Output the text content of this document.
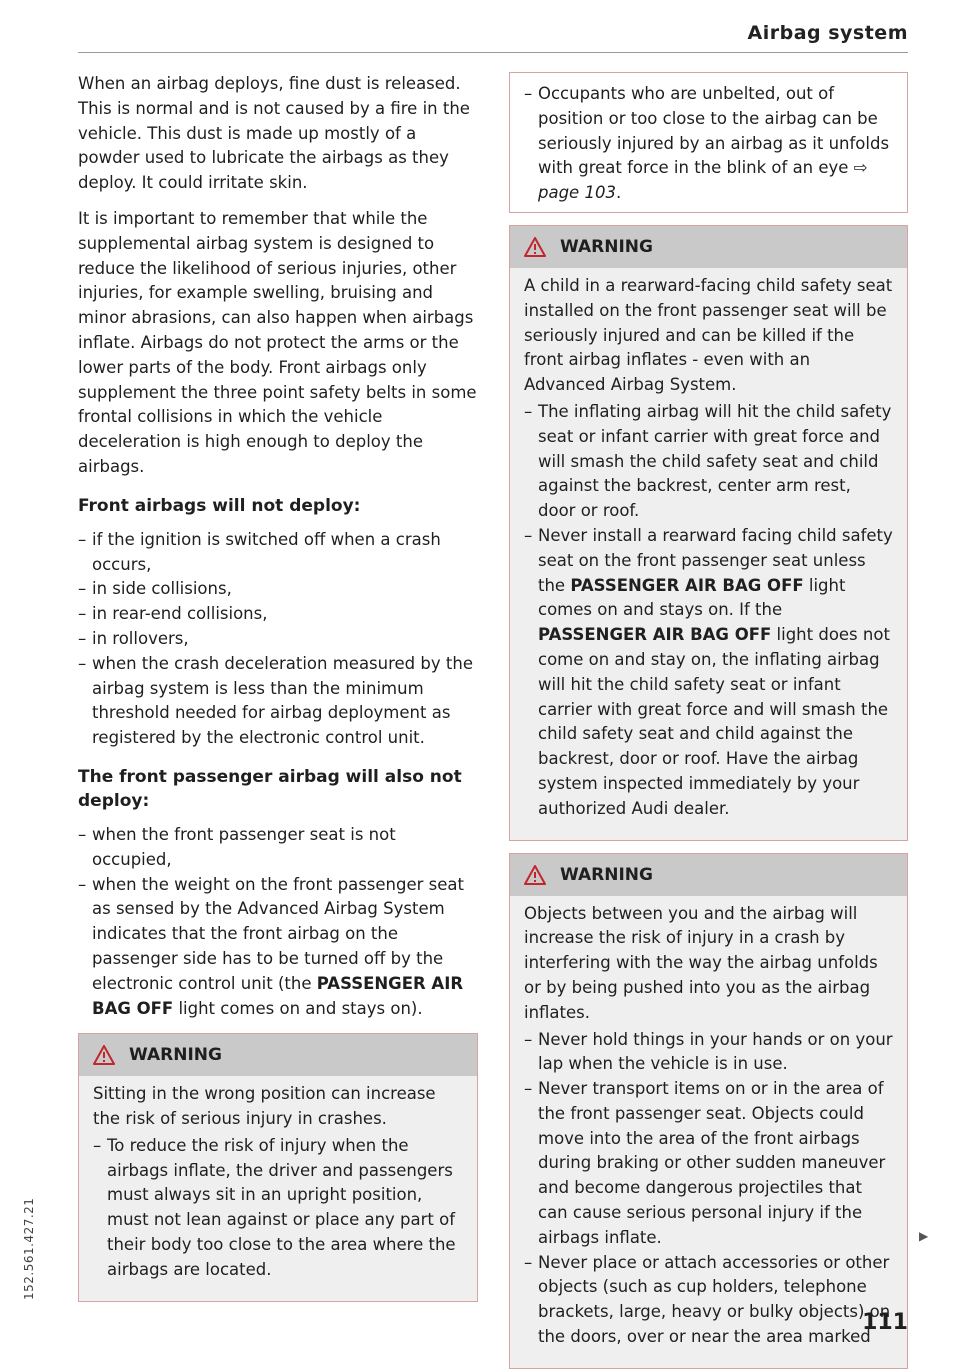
Airbag system

When an airbag deploys, fine dust is released. This is normal and is not caused by a fire in the vehicle. This dust is made up mostly of a powder used to lubricate the airbags as they deploy. It could irritate skin.

It is important to remember that while the supplemental airbag system is designed to reduce the likelihood of serious injuries, other injuries, for example swelling, bruising and minor abrasions, can also happen when airbags inflate. Airbags do not protect the arms or the lower parts of the body. Front airbags only supplement the three point safety belts in some frontal collisions in which the vehicle deceleration is high enough to deploy the airbags.

Front airbags will not deploy:
– if the ignition is switched off when a crash occurs,
– in side collisions,
– in rear-end collisions,
– in rollovers,
– when the crash deceleration measured by the airbag system is less than the minimum threshold needed for airbag deployment as registered by the electronic control unit.
The front passenger airbag will also not deploy:
– when the front passenger seat is not occupied,
– when the weight on the front passenger seat as sensed by the Advanced Airbag System indicates that the front airbag on the passenger side has to be turned off by the electronic control unit (the PASSENGER AIR BAG OFF light comes on and stays on).
WARNING

Sitting in the wrong position can increase the risk of serious injury in crashes.

– To reduce the risk of injury when the airbags inflate, the driver and passengers must always sit in an upright position, must not lean against or place any part of their body too close to the area where the airbags are located.
– Occupants who are unbelted, out of position or too close to the airbag can be seriously injured by an airbag as it unfolds with great force in the blink of an eye ⇨ page 103.
WARNING

A child in a rearward-facing child safety seat installed on the front passenger seat will be seriously injured and can be killed if the front airbag inflates - even with an Advanced Airbag System.

– The inflating airbag will hit the child safety seat or infant carrier with great force and will smash the child safety seat and child against the backrest, center arm rest, door or roof.
– Never install a rearward facing child safety seat on the front passenger seat unless the PASSENGER AIR BAG OFF light comes on and stays on. If the PASSENGER AIR BAG OFF light does not come on and stay on, the inflating airbag will hit the child safety seat or infant carrier with great force and will smash the child safety seat and child against the backrest, door or roof. Have the airbag system inspected immediately by your authorized Audi dealer.
WARNING

Objects between you and the airbag will increase the risk of injury in a crash by interfering with the way the airbag unfolds or by being pushed into you as the airbag inflates.

– Never hold things in your hands or on your lap when the vehicle is in use.
– Never transport items on or in the area of the front passenger seat. Objects could move into the area of the front airbags during braking or other sudden maneuver and become dangerous projectiles that can cause serious personal injury if the airbags inflate.
– Never place or attach accessories or other objects (such as cup holders, telephone brackets, large, heavy or bulky objects) on the doors, over or near the area marked
▶
111
152.561.427.21
